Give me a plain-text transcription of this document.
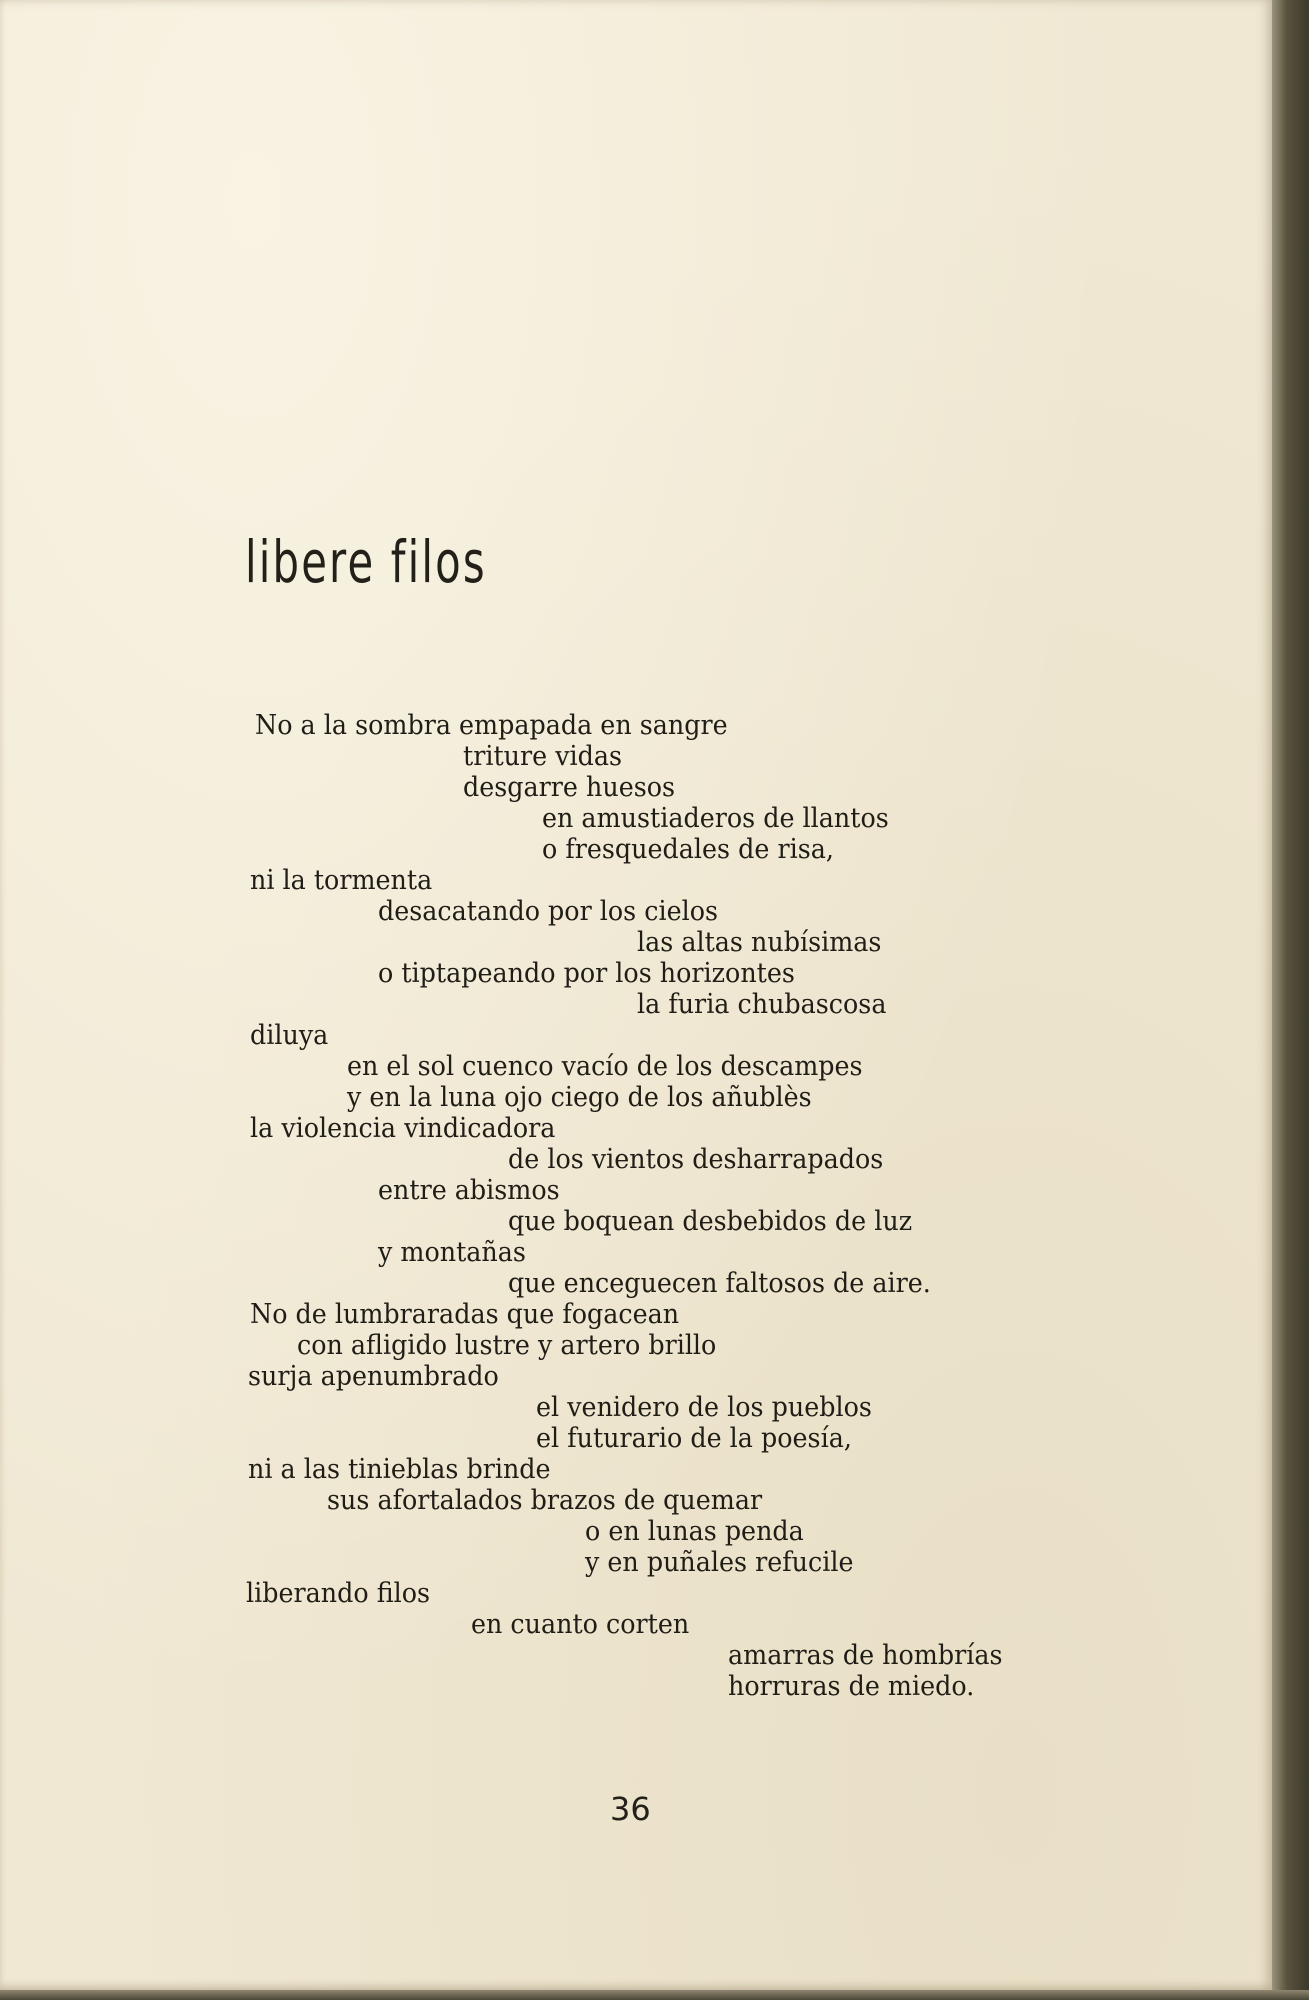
libere filos
No a la sombra empapada en sangre
triture vidas
desgarre huesos
en amustiaderos de llantos
o fresquedales de risa,
ni la tormenta
desacatando por los cielos
las altas nubísimas
o tiptapeando por los horizontes
la furia chubascosa
diluya
en el sol cuenco vacío de los descampes
y en la luna ojo ciego de los añublès
la violencia vindicadora
de los vientos desharrapados
entre abismos
que boquean desbebidos de luz
y montañas
que enceguecen faltosos de aire.
No de lumbraradas que fogacean
con afligido lustre y artero brillo
surja apenumbrado
el venidero de los pueblos
el futurario de la poesía,
ni a las tinieblas brinde
sus afortalados brazos de quemar
o en lunas penda
y en puñales refucile
liberando filos
en cuanto corten
amarras de hombrías
horruras de miedo.
36
